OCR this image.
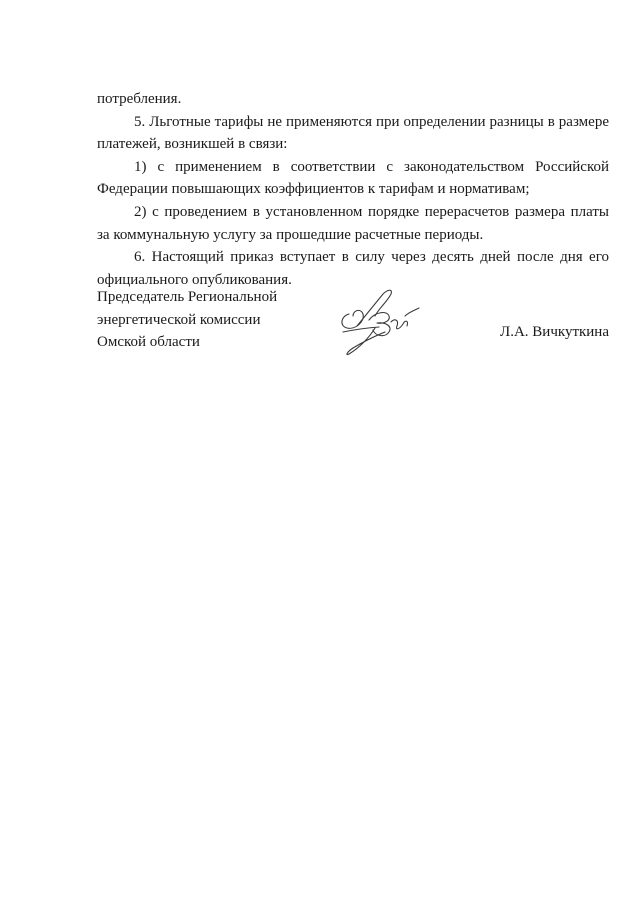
потребления.

5. Льготные тарифы не применяются при определении разницы в размере платежей, возникшей в связи:

1) с применением в соответствии с законодательством Российской Федерации повышающих коэффициентов к тарифам и нормативам;

2) с проведением в установленном порядке перерасчетов размера платы за коммунальную услугу за прошедшие расчетные периоды.

6. Настоящий приказ вступает в силу через десять дней после дня его официального опубликования.

Председатель Региональной
энергетической комиссии
Омской области
Л.А. Вичкуткина
